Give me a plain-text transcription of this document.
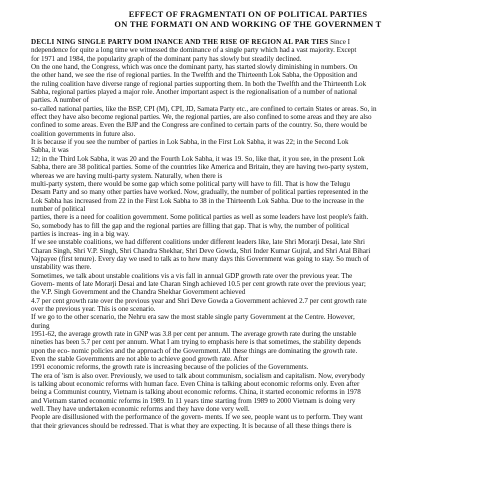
EFFECT OF FRAGMENTATI ON OF POLITICAL PARTIES
ON THE FORMATI ON AND WORKING OF THE GOVERNMEN T
DECLI NING SINGLE PARTY DOM INANCE AND THE RISE OF REGION AL PAR TIES Since I
ndependence for quite a long time we witnessed the dominance of a single party which had a vast majority. Except
for 1971 and 1984, the popularity graph of the dominant party has slowly but steadily declined.
On the one hand, the Congress, which was once the dominant party, has started slowly diminishing in numbers. On
the other hand, we see the rise of regional parties. In the Twelfth and the Thirteenth Lok Sabha, the Opposition and
the ruling coalition have diverse range of regional parties supporting them. In both the Twelfth and the Thirteenth Lok
Sabha, regional parties played a major role. Another important aspect is the regionalisation of a number of national
parties. A number of
so-called national parties, like the BSP, CPI (M), CPI, JD, Samata Party etc., are confined to certain States or areas. So, in
effect they have also become regional parties. We, the regional parties, are also confined to some areas and they are also
confined to some areas. Even the BJP and the Congress are confined to certain parts of the country. So, there would be
coalition governments in future also.
It is because if you see the number of parties in Lok Sabha, in the First Lok Sabha, it was 22; in the Second Lok
Sabha, it was
12; in the Third Lok Sabha, it was 20 and the Fourth Lok Sabha, it was 19. So, like that, it you see, in the present Lok
Sabha, there are 38 political parties. Some of the countries like America and Britain, they are having two-party system,
whereas we are having multi-party system. Naturally, when there is
multi-party system, there would be some gap which some political party will have to fill. That is how the Telugu
Desam Party and so many other parties have worked. Now, gradually, the number of political parties represented in the
Lok Sabha has increased from 22 in the First Lok Sabha to 38 in the Thirteenth Lok Sabha. Due to the increase in the
number of political
parties, there is a need for coalition government. Some political parties as well as some leaders have lost people's faith.
So, somebody has to fill the gap and the regional parties are filling that gap. That is why, the number of political
parties is increas- ing in a big way.
If we see unstable coalitions, we had different coalitions under different leaders like, late Shri Morarji Desai, late Shri
Charan Singh, Shri V.P. Singh, Shri Chandra Shekhar, Shri Deve Gowda, Shri Inder Kumar Gujral, and Shri Atal Bihari
Vajpayee (first tenure). Every day we used to talk as to how many days this Government was going to stay. So much of
unstability was there.
Sometimes, we talk about unstable coalitions vis a vis fall in annual GDP growth rate over the previous year. The
Govern- ments of late Morarji Desai and late Charan Singh achieved 10.5 per cent growth rate over the previous year;
the V.P. Singh Government and the Chandra Shekhar Government achieved
4.7 per cent growth rate over the previous year and Shri Deve Gowda a Government achieved 2.7 per cent growth rate
over the previous year. This is one scenario.
If we go to the other scenario, the Nehru era saw the most stable single party Government at the Centre. However,
during
1951-62, the average growth rate in GNP was 3.8 per cent per annum. The average growth rate during the unstable
nineties has been 5.7 per cent per annum. What I am trying to emphasis here is that sometimes, the stability depends
upon the eco- nomic policies and the approach of the Government. All these things are dominating the growth rate.
Even the stable Governments are not able to achieve good growth rate. After
1991 economic reforms, the growth rate is increasing because of the policies of the Governments.
The era of 'ism is also over. Previously, we used to talk about communism, socialism and capitalism. Now, everybody
is talking about economic reforms with human face. Even China is talking about economic reforms only. Even after
being a Communist country, Vietnam is talking about economic reforms. China, it started economic reforms in 1978
and Vietnam started economic reforms in 1989. In 11 years time starting from 1989 to 2000 Vietnam is doing very
well. They have undertaken economic reforms and they have done very well.
People are disillusioned with the performance of the govern- ments. If we see, people want us to perform. They want
that their grievances should be redressed. That is what they are expecting. It is because of all these things there is
